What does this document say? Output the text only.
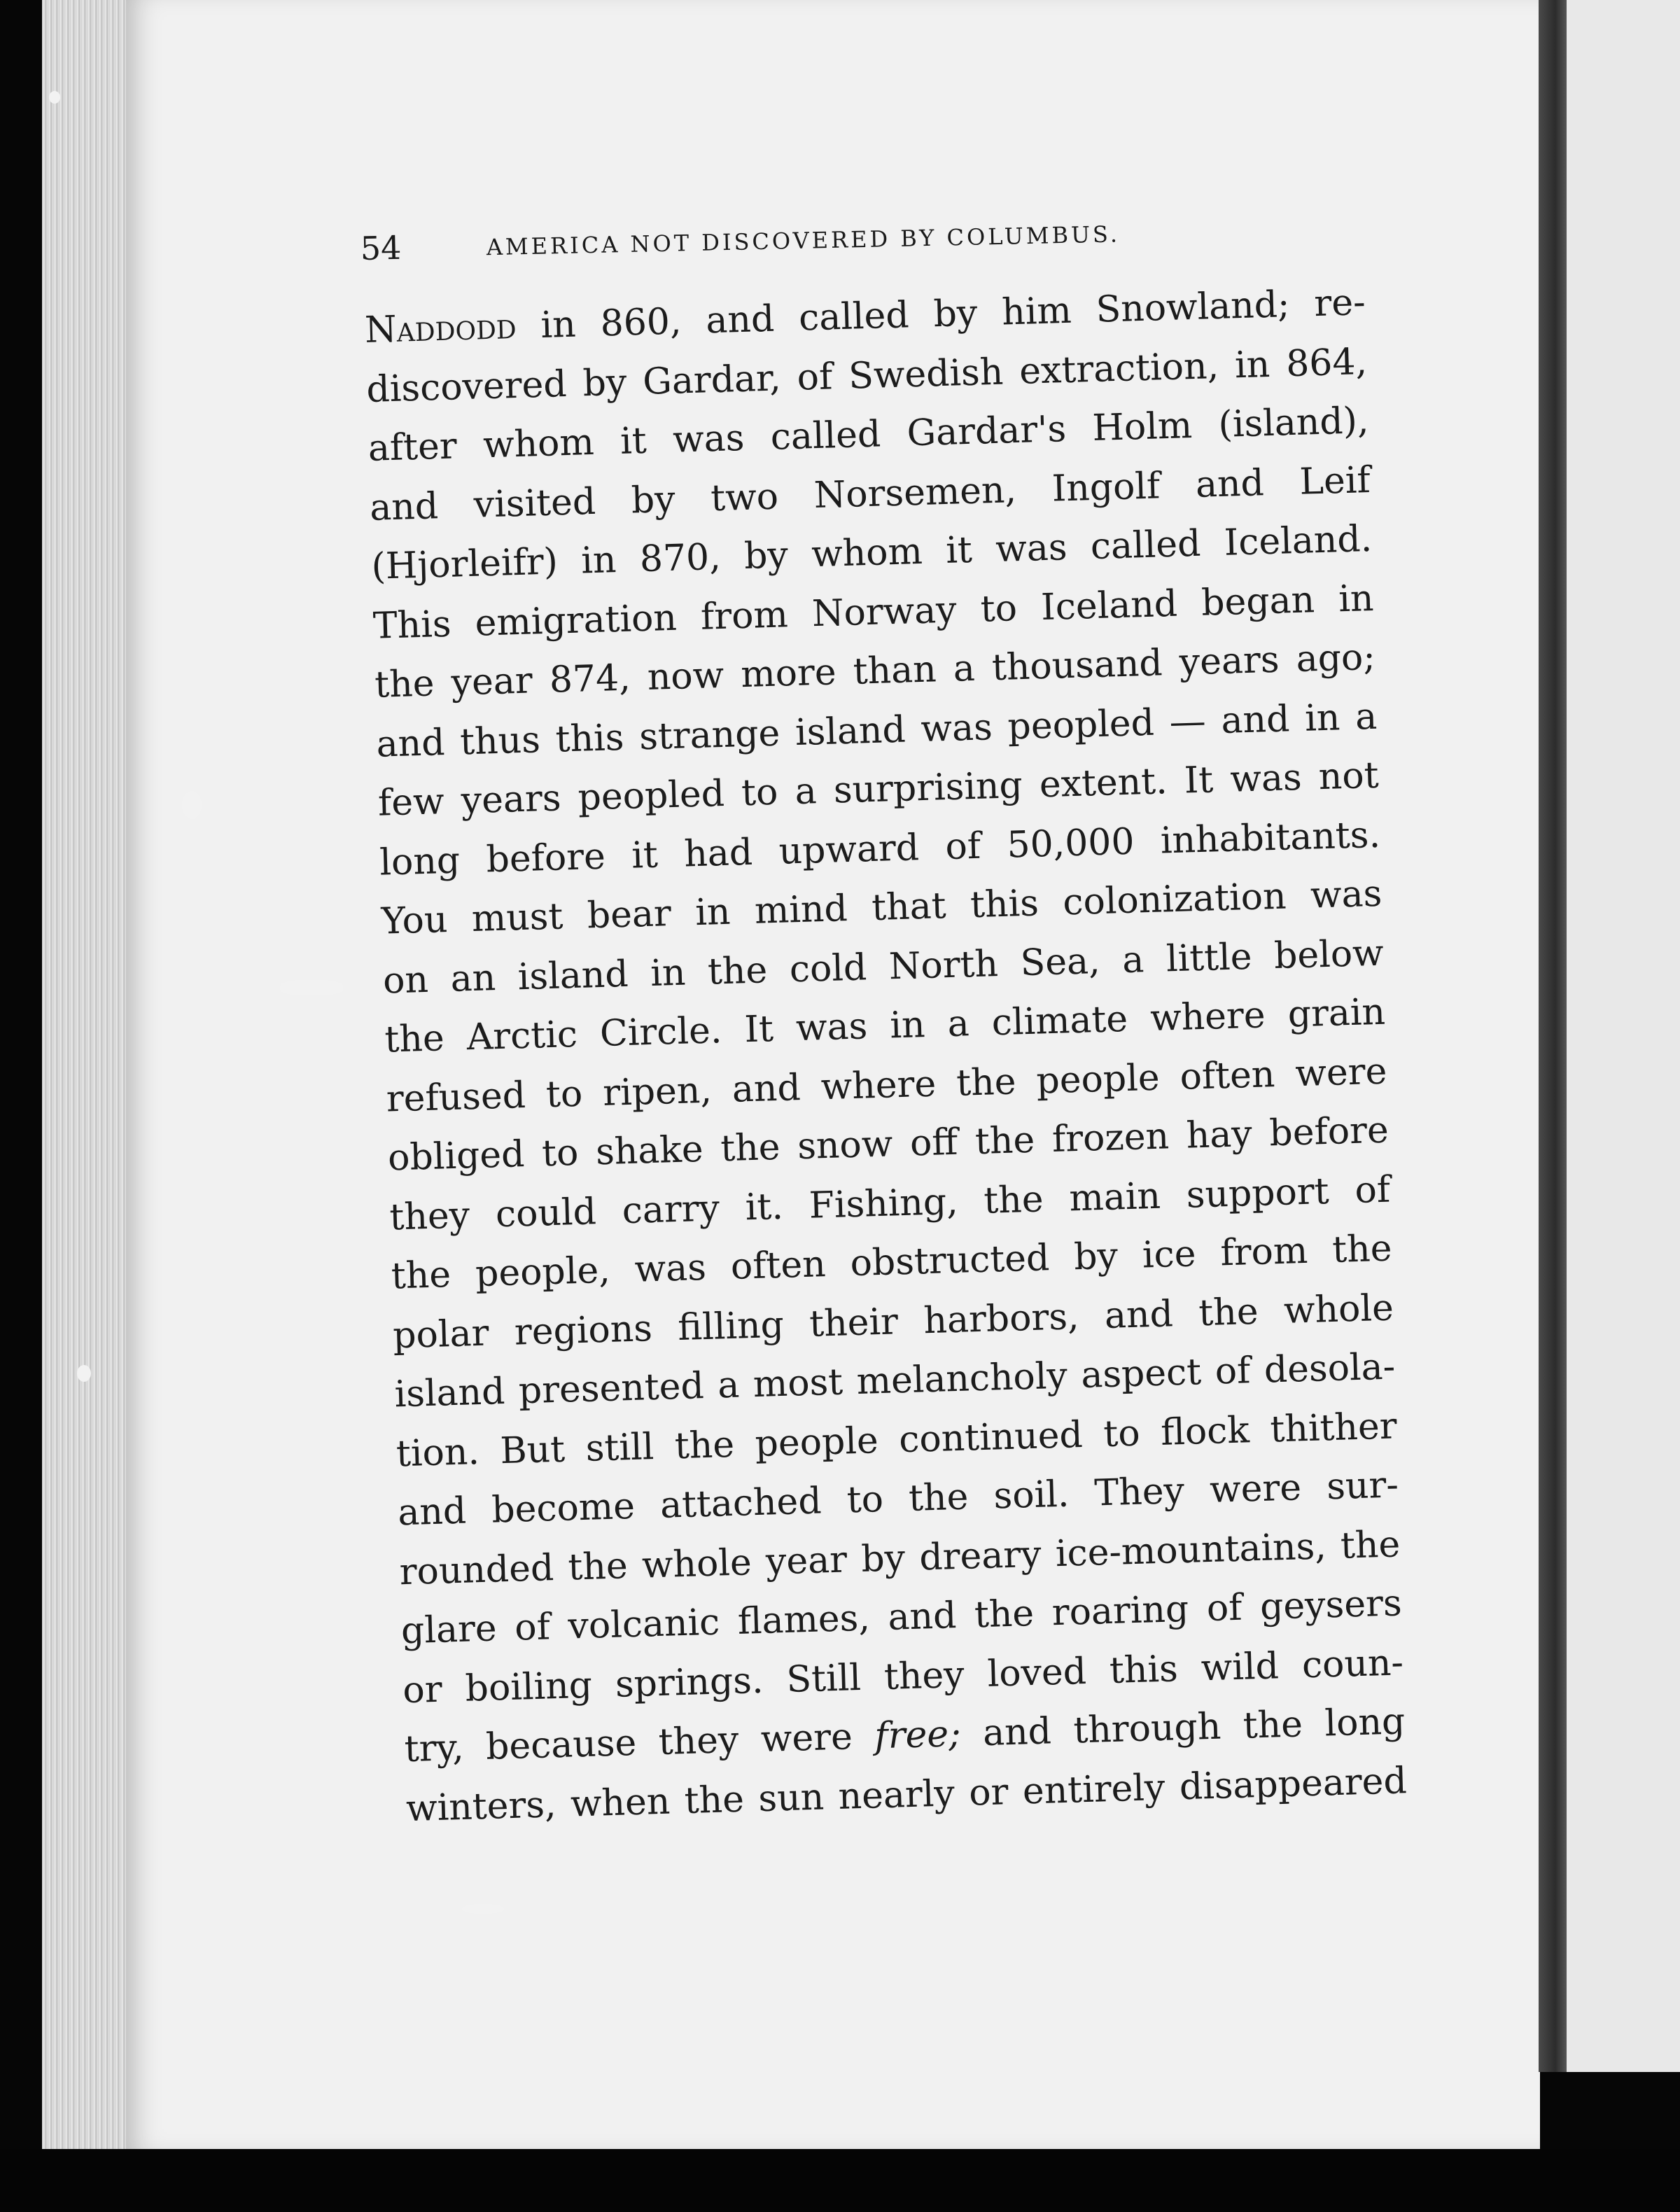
54	AMERICA NOT DISCOVERED BY COLUMBUS.
Naddodd in 860, and called by him Snowland; re-
discovered by Gardar, of Swedish extraction, in 864,
after whom it was called Gardar's Holm (island),
and visited by two Norsemen, Ingolf and Leif
(Hjorleifr) in 870, by whom it was called Iceland.
This emigration from Norway to Iceland began in
the year 874, now more than a thousand years ago;
and thus this strange island was peopled — and in a
few years peopled to a surprising extent. It was not
long before it had upward of 50,000 inhabitants.
You must bear in mind that this colonization was
on an island in the cold North Sea, a little below
the Arctic Circle. It was in a climate where grain
refused to ripen, and where the people often were
obliged to shake the snow off the frozen hay before
they could carry it. Fishing, the main support of
the people, was often obstructed by ice from the
polar regions filling their harbors, and the whole
island presented a most melancholy aspect of desola-
tion. But still the people continued to flock thither
and become attached to the soil. They were sur-
rounded the whole year by dreary ice-mountains, the
glare of volcanic flames, and the roaring of geysers
or boiling springs. Still they loved this wild coun-
try, because they were free; and through the long
winters, when the sun nearly or entirely disappeared
